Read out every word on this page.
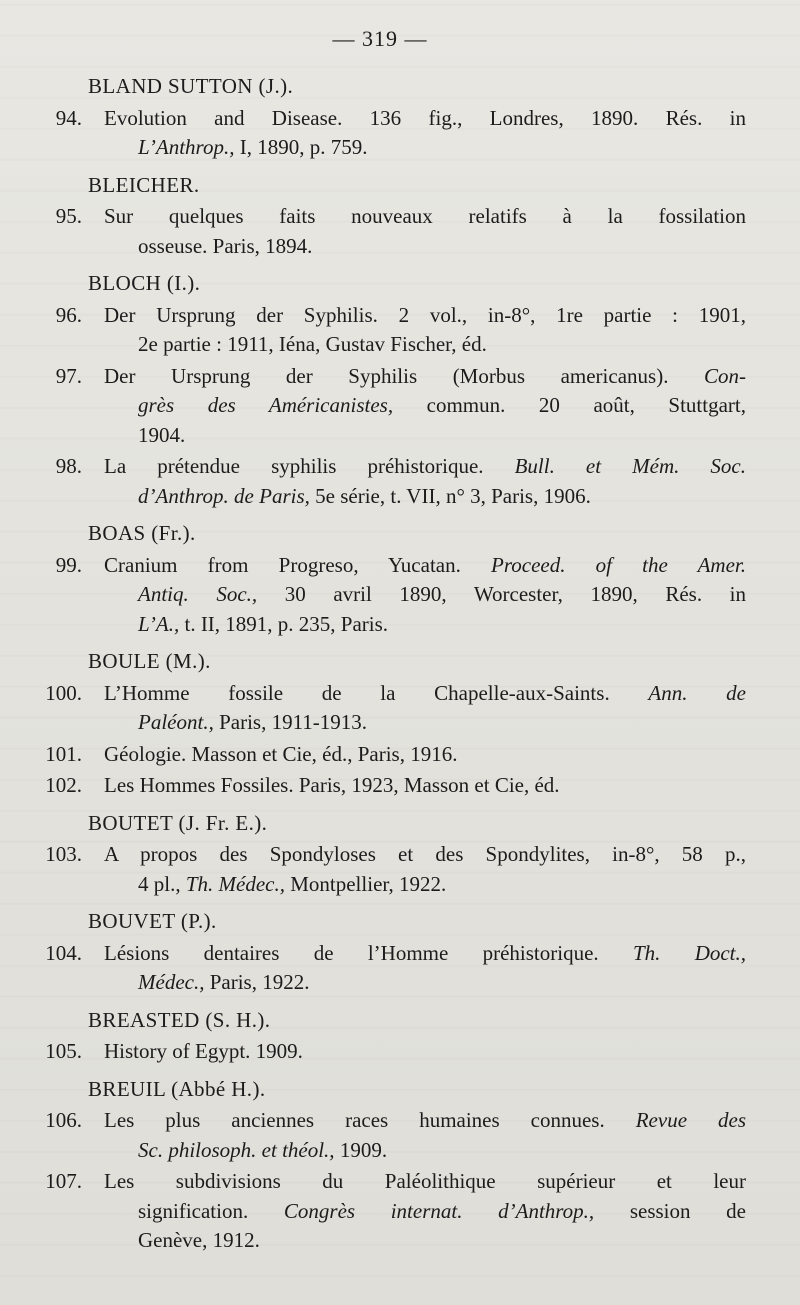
— 319 —
BLAND SUTTON (J.).
94. Evolution and Disease. 136 fig., Londres, 1890. Rés. in
L’Anthrop., I, 1890, p. 759.
BLEICHER.
95. Sur quelques faits nouveaux relatifs à la fossilation
osseuse. Paris, 1894.
BLOCH (I.).
96. Der Ursprung der Syphilis. 2 vol., in-8°, 1re partie : 1901,
2e partie : 1911, Iéna, Gustav Fischer, éd.
97. Der Ursprung der Syphilis (Morbus americanus). Con-
grès des Américanistes, commun. 20 août, Stuttgart,
1904.
98. La prétendue syphilis préhistorique. Bull. et Mém. Soc.
d’Anthrop. de Paris, 5e série, t. VII, n° 3, Paris, 1906.
BOAS (Fr.).
99. Cranium from Progreso, Yucatan. Proceed. of the Amer.
Antiq. Soc., 30 avril 1890, Worcester, 1890, Rés. in
L’A., t. II, 1891, p. 235, Paris.
BOULE (M.).
100. L’Homme fossile de la Chapelle-aux-Saints. Ann. de
Paléont., Paris, 1911-1913.
101. Géologie. Masson et Cie, éd., Paris, 1916.
102. Les Hommes Fossiles. Paris, 1923, Masson et Cie, éd.
BOUTET (J. Fr. E.).
103. A propos des Spondyloses et des Spondylites, in-8°, 58 p.,
4 pl., Th. Médec., Montpellier, 1922.
BOUVET (P.).
104. Lésions dentaires de l’Homme préhistorique. Th. Doct.,
Médec., Paris, 1922.
BREASTED (S. H.).
105. History of Egypt. 1909.
BREUIL (Abbé H.).
106. Les plus anciennes races humaines connues. Revue des
Sc. philosoph. et théol., 1909.
107. Les subdivisions du Paléolithique supérieur et leur
signification. Congrès internat. d’Anthrop., session de
Genève, 1912.
